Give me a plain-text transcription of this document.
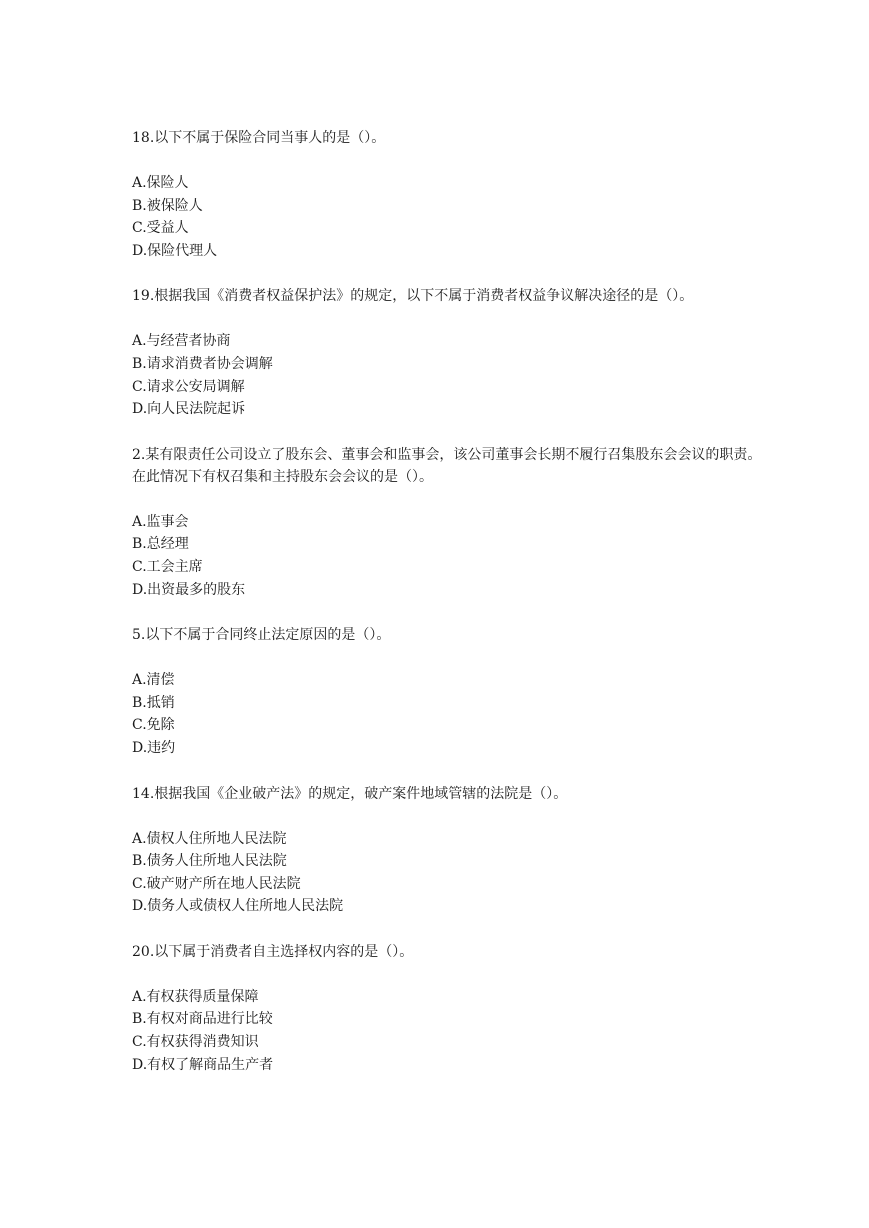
18.以下不属于保险合同当事人的是（）。

A.保险人

B.被保险人

C.受益人

D.保险代理人

19.根据我国《消费者权益保护法》的规定，以下不属于消费者权益争议解决途径的是（）。

A.与经营者协商

B.请求消费者协会调解

C.请求公安局调解

D.向人民法院起诉

2.某有限责任公司设立了股东会、董事会和监事会，该公司董事会长期不履行召集股东会会议的职责。在此情况下有权召集和主持股东会会议的是（）。

A.监事会

B.总经理

C.工会主席

D.出资最多的股东

5.以下不属于合同终止法定原因的是（）。

A.清偿

B.抵销

C.免除

D.违约

14.根据我国《企业破产法》的规定，破产案件地域管辖的法院是（）。

A.债权人住所地人民法院

B.债务人住所地人民法院

C.破产财产所在地人民法院

D.债务人或债权人住所地人民法院

20.以下属于消费者自主选择权内容的是（）。

A.有权获得质量保障

B.有权对商品进行比较

C.有权获得消费知识

D.有权了解商品生产者
